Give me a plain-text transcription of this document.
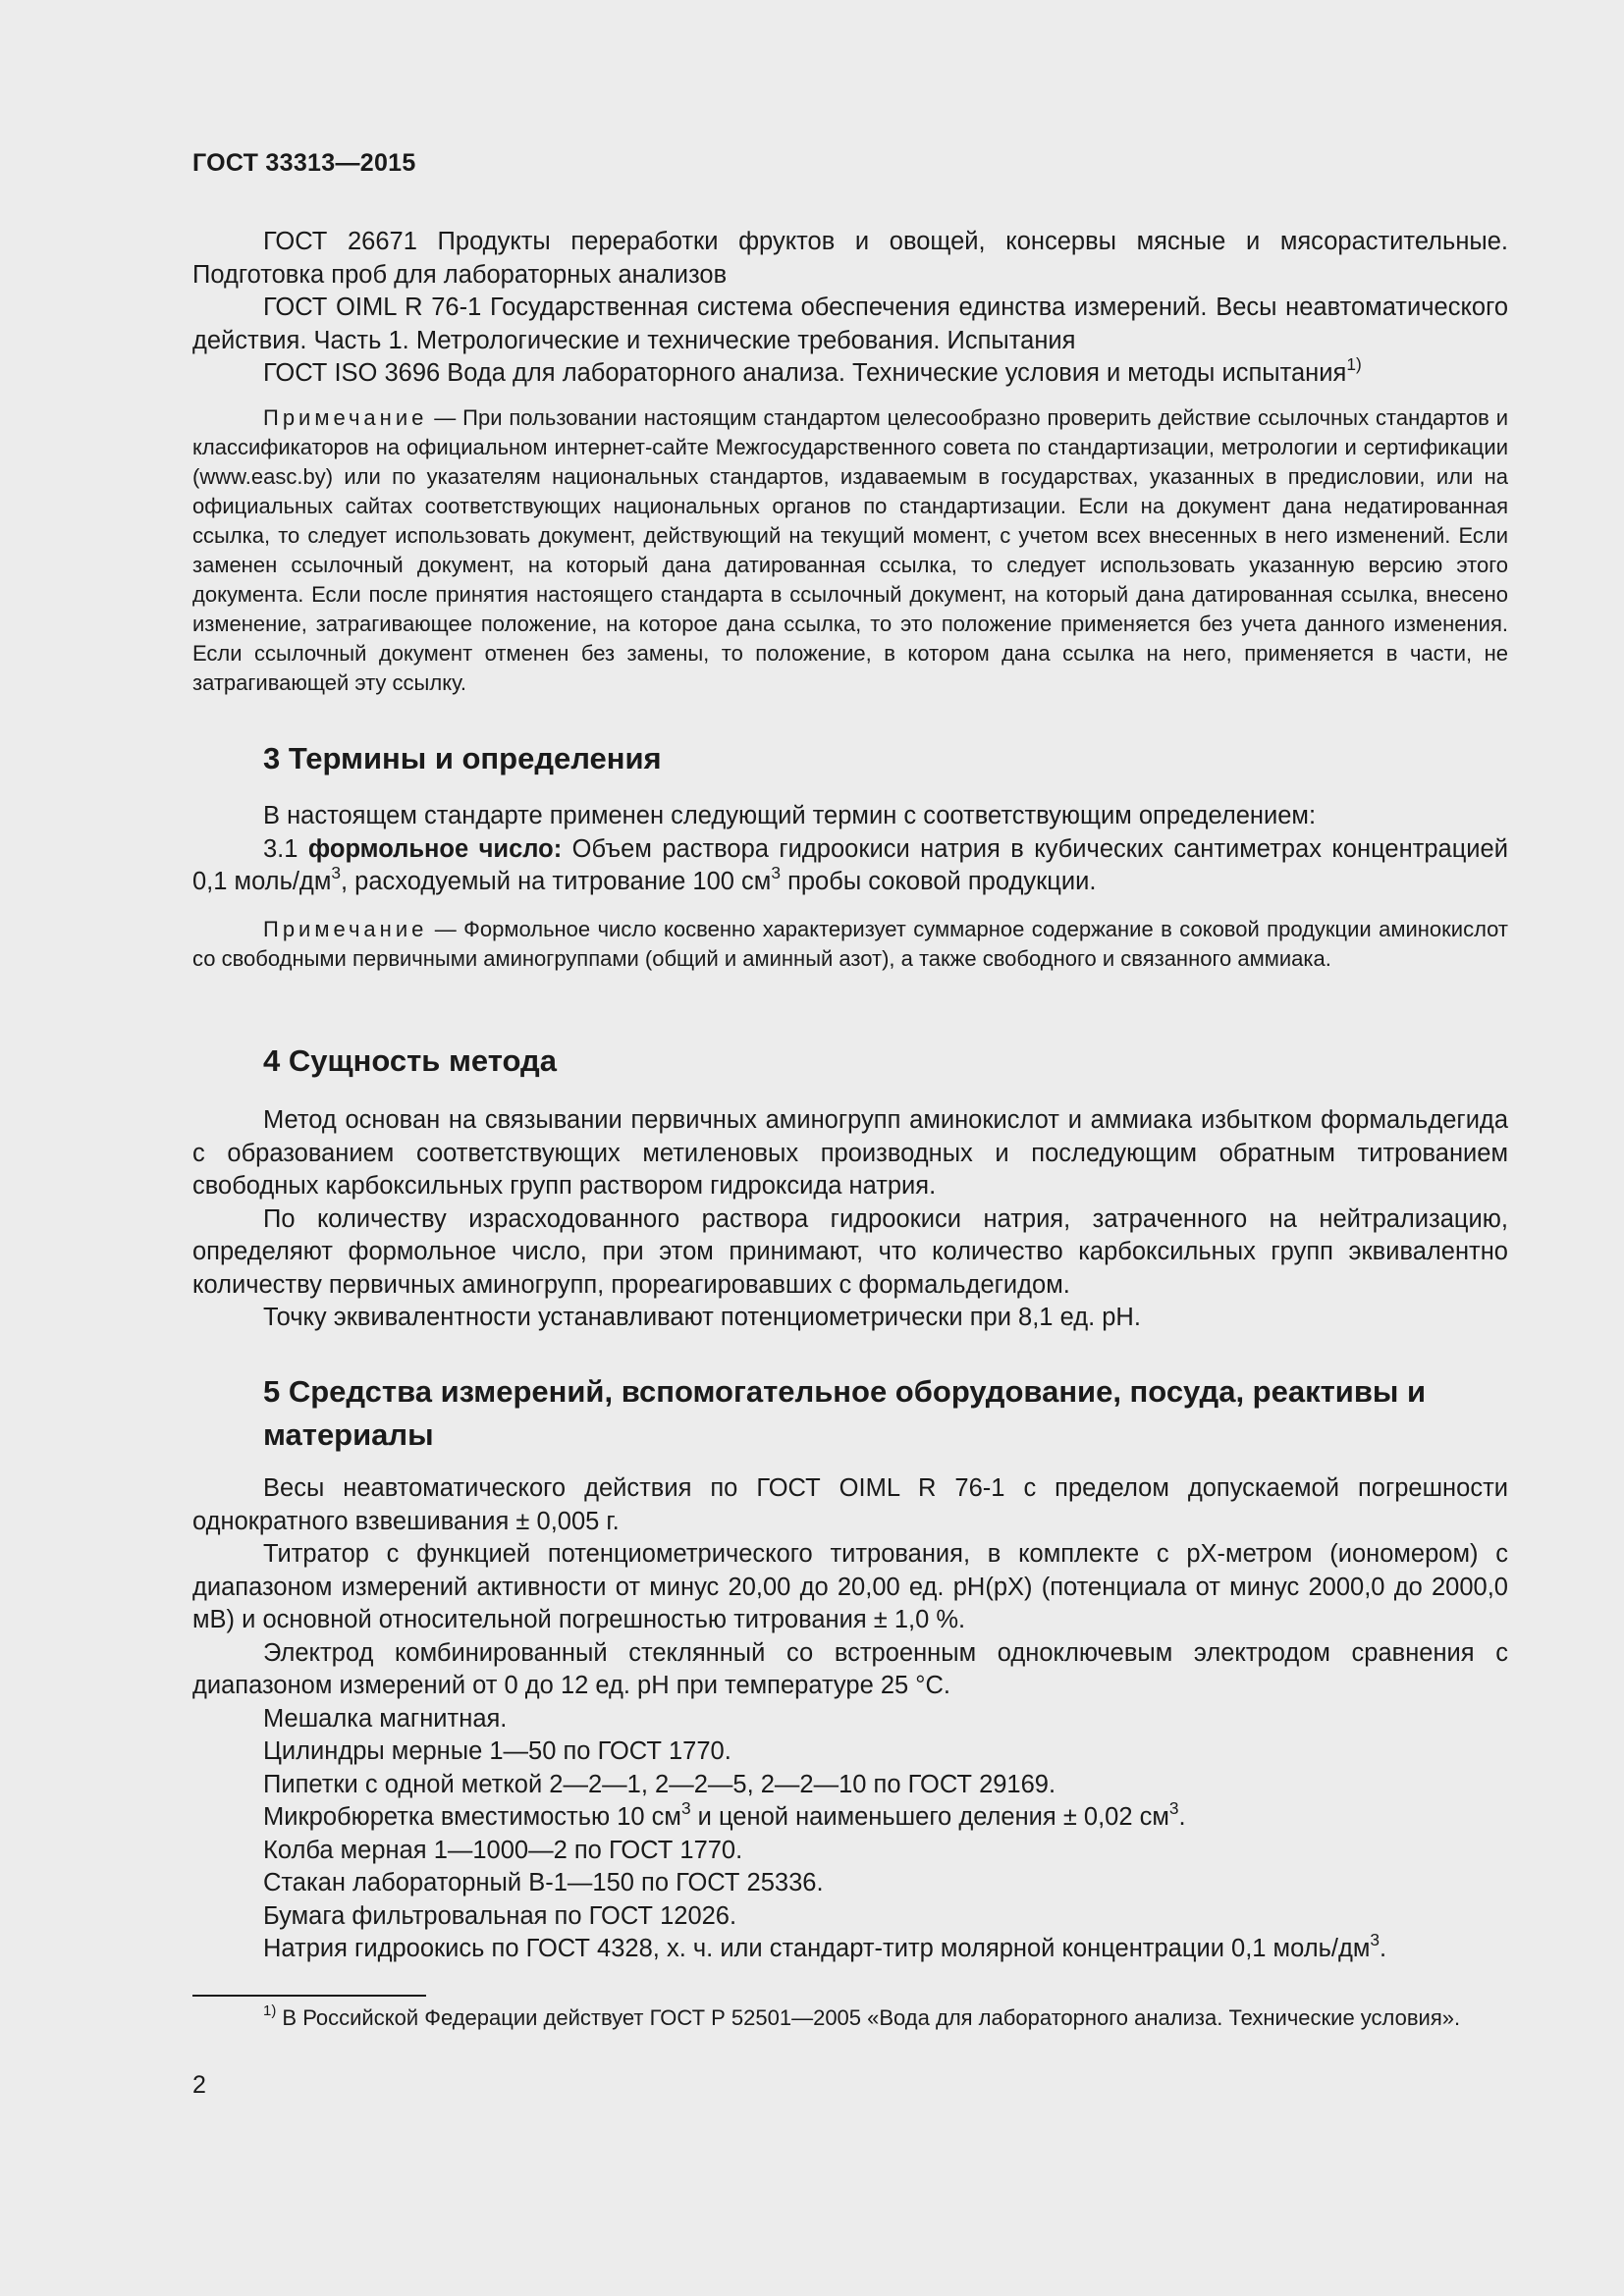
ГОСТ 33313—2015

ГОСТ 26671 Продукты переработки фруктов и овощей, консервы мясные и мясорастительные. Подготовка проб для лабораторных анализов

ГОСТ OIML R 76-1 Государственная система обеспечения единства измерений. Весы неавтоматического действия. Часть 1. Метрологические и технические требования. Испытания

ГОСТ ISO 3696 Вода для лабораторного анализа. Технические условия и методы испытания$^{1)}$

Примечание — При пользовании настоящим стандартом целесообразно проверить действие ссылочных стандартов и классификаторов на официальном интернет-сайте Межгосударственного совета по стандартизации, метрологии и сертификации (www.easc.by) или по указателям национальных стандартов, издаваемым в государствах, указанных в предисловии, или на официальных сайтах соответствующих национальных органов по стандартизации. Если на документ дана недатированная ссылка, то следует использовать документ, действующий на текущий момент, с учетом всех внесенных в него изменений. Если заменен ссылочный документ, на который дана датированная ссылка, то следует использовать указанную версию этого документа. Если после принятия настоящего стандарта в ссылочный документ, на который дана датированная ссылка, внесено изменение, затрагивающее положение, на которое дана ссылка, то это положение применяется без учета данного изменения. Если ссылочный документ отменен без замены, то положение, в котором дана ссылка на него, применяется в части, не затрагивающей эту ссылку.

3 Термины и определения

В настоящем стандарте применен следующий термин с соответствующим определением:

3.1 формольное число: Объем раствора гидроокиси натрия в кубических сантиметрах концентрацией 0,1 моль/$дм^3$, расходуемый на титрование 100 $см^3$ пробы соковой продукции.

Примечание — Формольное число косвенно характеризует суммарное содержание в соковой продукции аминокислот со свободными первичными аминогруппами (общий и аминный азот), а также свободного и связанного аммиака.

4 Сущность метода

Метод основан на связывании первичных аминогрупп аминокислот и аммиака избытком формальдегида с образованием соответствующих метиленовых производных и последующим обратным титрованием свободных карбоксильных групп раствором гидроксида натрия.

По количеству израсходованного раствора гидроокиси натрия, затраченного на нейтрализацию, определяют формольное число, при этом принимают, что количество карбоксильных групп эквивалентно количеству первичных аминогрупп, прореагировавших с формальдегидом.

Точку эквивалентности устанавливают потенциометрически при 8,1 ед. pH.

5 Средства измерений, вспомогательное оборудование, посуда, реактивы и материалы

Весы неавтоматического действия по ГОСТ OIML R 76-1 с пределом допускаемой погрешности однократного взвешивания ± 0,005 г.

Титратор с функцией потенциометрического титрования, в комплекте с pX-метром (иономером) с диапазоном измерений активности от минус 20,00 до 20,00 ед. pH(pX) (потенциала от минус 2000,0 до 2000,0 мВ) и основной относительной погрешностью титрования ± 1,0 %.

Электрод комбинированный стеклянный со встроенным одноключевым электродом сравнения с диапазоном измерений от 0 до 12 ед. pH при температуре 25 °С.

Мешалка магнитная.

Цилиндры мерные 1—50 по ГОСТ 1770.

Пипетки с одной меткой 2—2—1, 2—2—5, 2—2—10 по ГОСТ 29169.

Микробюретка вместимостью 10 $см^3$ и ценой наименьшего деления ± 0,02 $см^3$.

Колба мерная 1—1000—2 по ГОСТ 1770.

Стакан лабораторный В-1—150 по ГОСТ 25336.

Бумага фильтровальная по ГОСТ 12026.

Натрия гидроокись по ГОСТ 4328, х. ч. или стандарт-титр молярной концентрации 0,1 моль/$дм^3$.

$^{1)}$ В Российской Федерации действует ГОСТ Р 52501—2005 «Вода для лабораторного анализа. Технические условия».
2
